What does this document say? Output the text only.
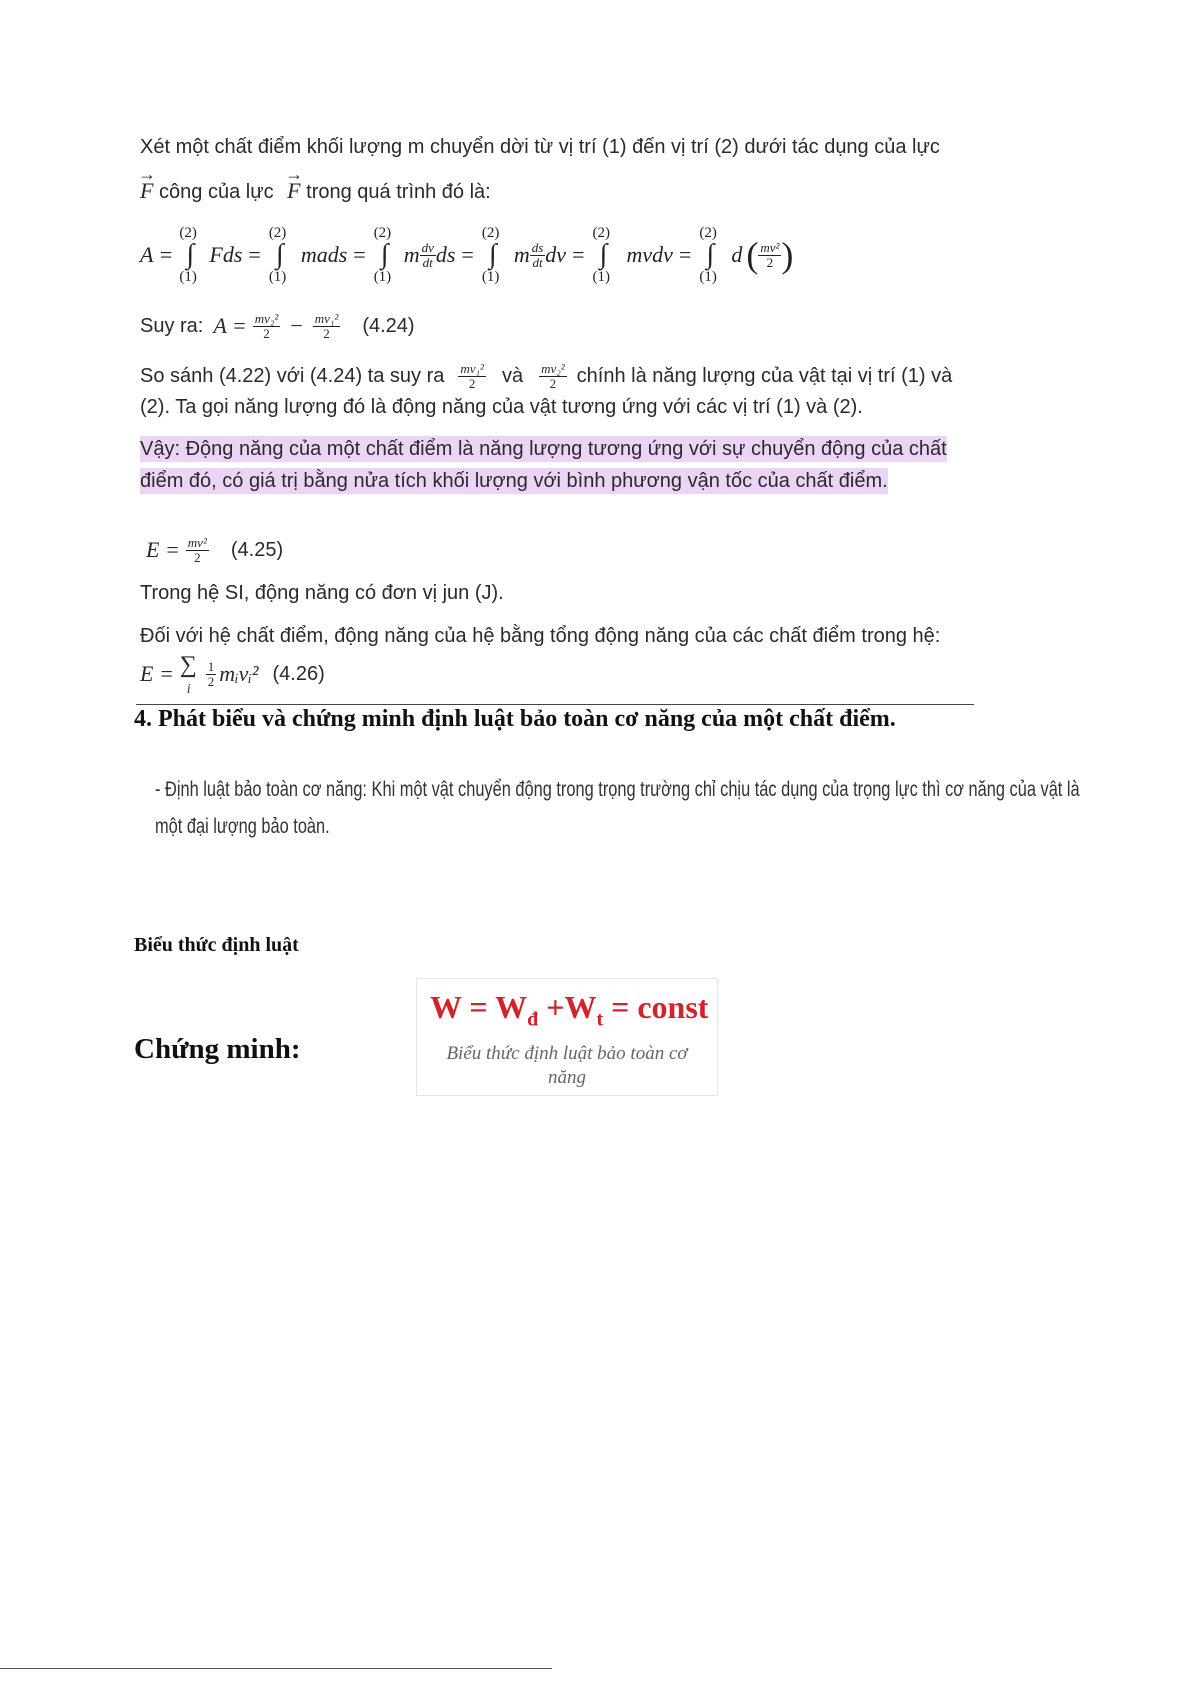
Xét một chất điểm khối lượng m chuyển dời từ vị trí (1) đến vị trí (2) dưới tác dụng của lực
→ F công của lực → F trong quá trình đó là:
A =
(2)
∫
(1)
Fds =
(2)
∫
(1)
mads =
(2)
∫
(1)
m $\frac{dv}{dt}$ ds =
(2)
∫
(1)
m $\frac{ds}{dt}$ dv =
(2)
∫
(1)
mvdv =
(2)
∫
(1)
d ( $\frac{\text{mv²}}{2}$ )
Suy ra: $A = \frac{\text{mv₂²}}{2} - \frac{\text{mv₁²}}{2} (4.24)$
So sánh (4.22) với (4.24) ta suy ra $\frac{\text{mv₁²}}{2}$ và $\frac{\text{mv₂²}}{2}$ chính là năng lượng của vật tại vị trí (1) và
(2). Ta gọi năng lượng đó là động năng của vật tương ứng với các vị trí (1) và (2).
Vậy: Động năng của một chất điểm là năng lượng tương ứng với sự chuyển động của chất
điểm đó, có giá trị bằng nửa tích khối lượng với bình phương vận tốc của chất điểm.
$E = \frac{\text{mv²}}{2} (4.25)$
Trong hệ SI, động năng có đơn vị jun (J).
Đối với hệ chất điểm, động năng của hệ bằng tổng động năng của các chất điểm trong hệ:
E = ∑
i
$\frac{1}{2}$ mᵢvᵢ² (4.26)
4. Phát biểu và chứng minh định luật bảo toàn cơ năng của một chất điểm.
- Định luật bảo toàn cơ năng: Khi một vật chuyển động trong trọng trường chỉ chịu tác dụng của trọng lực thì cơ năng của vật là
một đại lượng bảo toàn.
Biểu thức định luật
Chứng minh:
$W = W_đ +W_t$ = const
Biểu thức định luật bảo toàn cơ
năng
